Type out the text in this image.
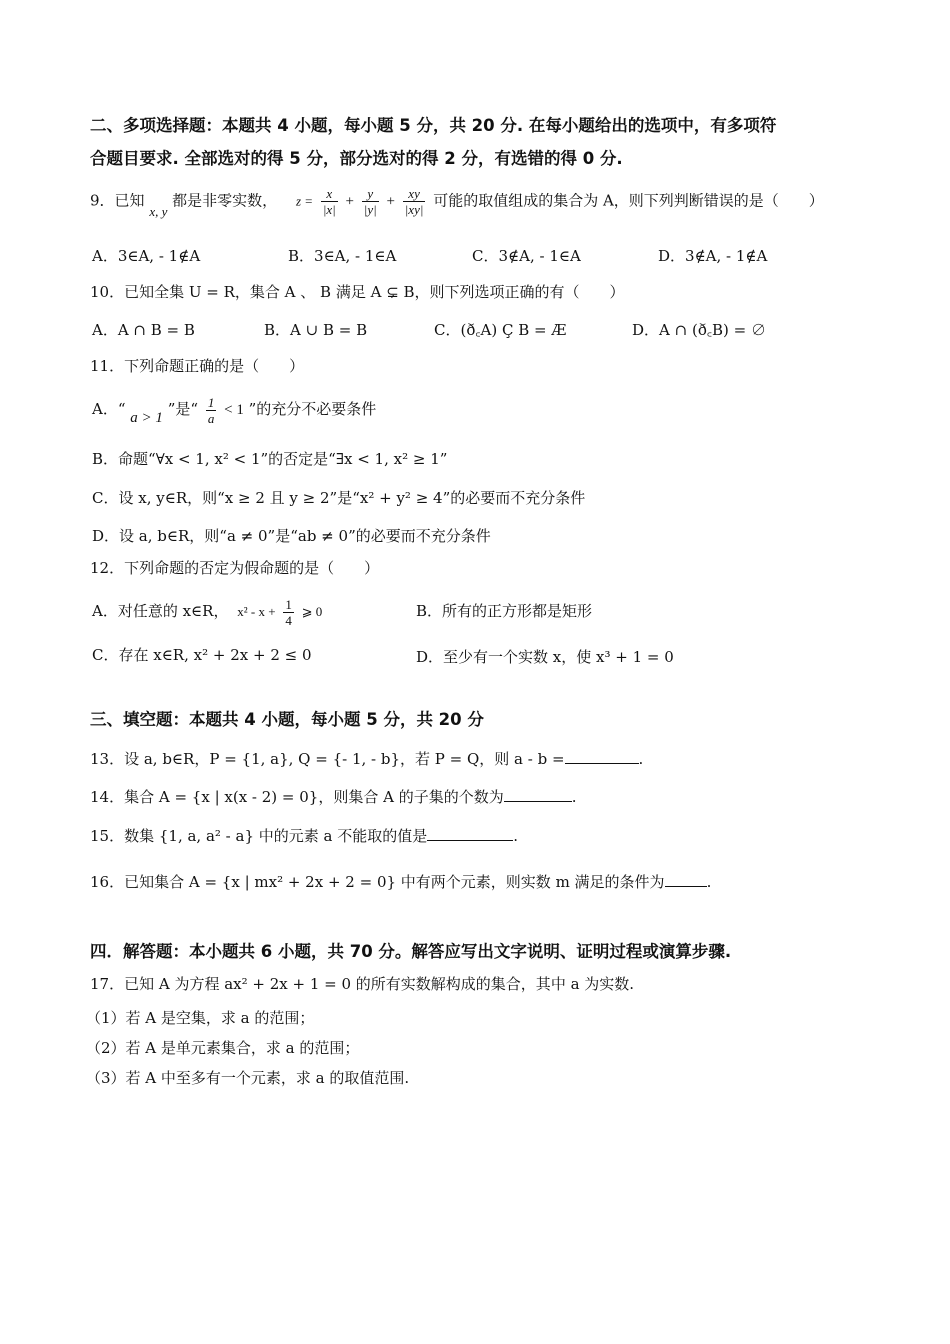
二、多项选择题：本题共 4 小题，每小题 5 分，共 20 分. 在每小题给出的选项中，有多项符
合题目要求. 全部选对的得 5 分，部分选对的得 2 分，有选错的得 0 分.
9．已知 x, y 都是非零实数， $z = \frac{x}{|x|} + \frac{y}{|y|} + \frac{xy}{|xy|}$ 可能的取值组成的集合为 A，则下列判断错误的是（　　）
A．3∈A, - 1∉A	B．3∈A, - 1∈A	C．3∉A, - 1∈A	D．3∉A, - 1∉A
10．已知全集 U = R，集合 A 、 B 满足 A ⊊ B，则下列选项正确的有（　　）
A．A ∩ B = B	B．A ∪ B = B	C．(ð꜀A) Ç B = Æ	D．A ∩ (ð꜀B) = ∅
11．下列命题正确的是（　　）
A．“ a > 1 ”是“ $\frac{1}{a} < 1$ ”的充分不必要条件
B．命题“∀x < 1, x² < 1”的否定是“∃x < 1, x² ≥ 1”
C．设 x, y∈R，则“x ≥ 2 且 y ≥ 2”是“x² + y² ≥ 4”的必要而不充分条件
D．设 a, b∈R，则“a ≠ 0”是“ab ≠ 0”的必要而不充分条件
12．下列命题的否定为假命题的是（　　）
A．对任意的 x∈R， $x^2 - x + \frac{1}{4}$ ⩾ 0	B．所有的正方形都是矩形
C．存在 x∈R, x² + 2x + 2 ≤ 0	D．至少有一个实数 x，使 x³ + 1 = 0
三、填空题：本题共 4 小题，每小题 5 分，共 20 分
13．设 a, b∈R，P = {1, a}, Q = {- 1, - b}，若 P = Q，则 a - b =	.
14．集合 A = {x | x(x - 2) = 0}，则集合 A 的子集的个数为	.
15．数集 {1, a, a² - a} 中的元素 a 不能取的值是	.
16．已知集合 A = {x | mx² + 2x + 2 = 0} 中有两个元素，则实数 m 满足的条件为	.
四．解答题：本小题共 6 小题，共 70 分。解答应写出文字说明、证明过程或演算步骤.
17．已知 A 为方程 ax² + 2x + 1 = 0 的所有实数解构成的集合，其中 a 为实数.
（1）若 A 是空集，求 a 的范围；
（2）若 A 是单元素集合，求 a 的范围；
（3）若 A 中至多有一个元素，求 a 的取值范围.
